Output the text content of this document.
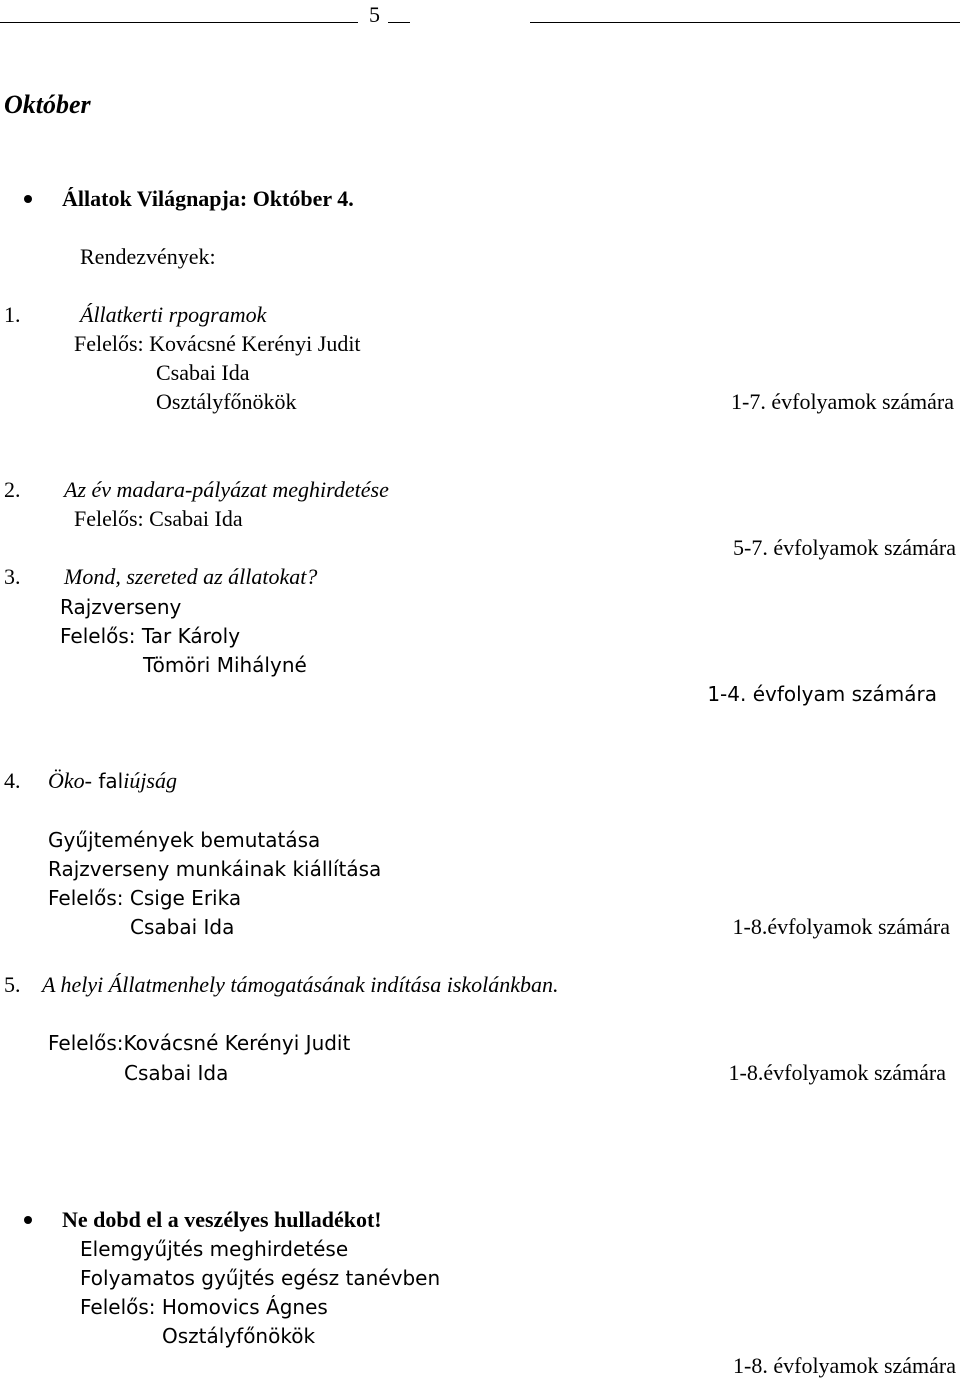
5
Október
Állatok Világnapja: Október 4.
Rendezvények:
1.	Állatkerti rpogramok
Felelős: Kovácsné Kerényi Judit
Csabai Ida
Osztályfőnökök	1-7. évfolyamok számára
2. Az év madara-pályázat meghirdetése
Felelős: Csabai Ida
5-7. évfolyamok számára
3. Mond, szereted az állatokat?
Rajzverseny
Felelős: Tar Károly
Tömöri Mihályné
1-4. évfolyam számára
4. Öko- faliújság
Gyűjtemények bemutatása
Rajzverseny munkáinak kiállítása
Felelős: Csige Erika
Csabai Ida	1-8.évfolyamok számára
5. A helyi Állatmenhely támogatásának indítása iskolánkban.
Felelős:Kovácsné Kerényi Judit
Csabai Ida	1-8.évfolyamok számára
Ne dobd el a veszélyes hulladékot!
Elemgyűjtés meghirdetése
Folyamatos gyűjtés egész tanévben
Felelős: Homovics Ágnes
Osztályfőnökök
1-8. évfolyamok számára
